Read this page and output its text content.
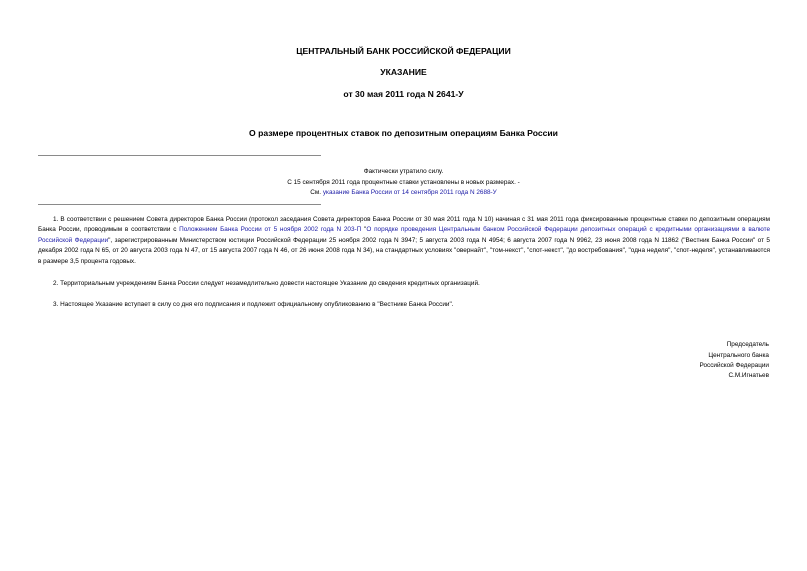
ЦЕНТРАЛЬНЫЙ БАНК РОССИЙСКОЙ ФЕДЕРАЦИИ
УКАЗАНИЕ
от 30 мая 2011 года N 2641-У
О размере процентных ставок по депозитным операциям Банка России
Фактически утратило силу.
С 15 сентября 2011 года процентные ставки установлены в новых размерах. -
См. указание Банка России от 14 сентября 2011 года N 2688-У
1. В соответствии с решением Совета директоров Банка России (протокол заседания Совета директоров Банка России от 30 мая 2011 года N 10) начиная с 31 мая 2011 года фиксированные процентные ставки по депозитным операциям Банка России, проводимым в соответствии с Положением Банка России от 5 ноября 2002 года N 203-П "О порядке проведения Центральным банком Российской Федерации депозитных операций с кредитными организациями в валюте Российской Федерации", зарегистрированным Министерством юстиции Российской Федерации 25 ноября 2002 года N 3947; 5 августа 2003 года N 4954; 6 августа 2007 года N 9962, 23 июня 2008 года N 11862 ("Вестник Банка России" от 5 декабря 2002 года N 65, от 20 августа 2003 года N 47, от 15 августа 2007 года N 46, от 26 июня 2008 года N 34), на стандартных условиях "овернайт", "том-некст", "спот-некст", "до востребования", "одна неделя", "спот-неделя", устанавливаются в размере 3,5 процента годовых.
2. Территориальным учреждениям Банка России следует незамедлительно довести настоящее Указание до сведения кредитных организаций.
3. Настоящее Указание вступает в силу со дня его подписания и подлежит официальному опубликованию в "Вестнике Банка России".
Председатель
Центрального банка
Российской Федерации
С.М.Игнатьев
